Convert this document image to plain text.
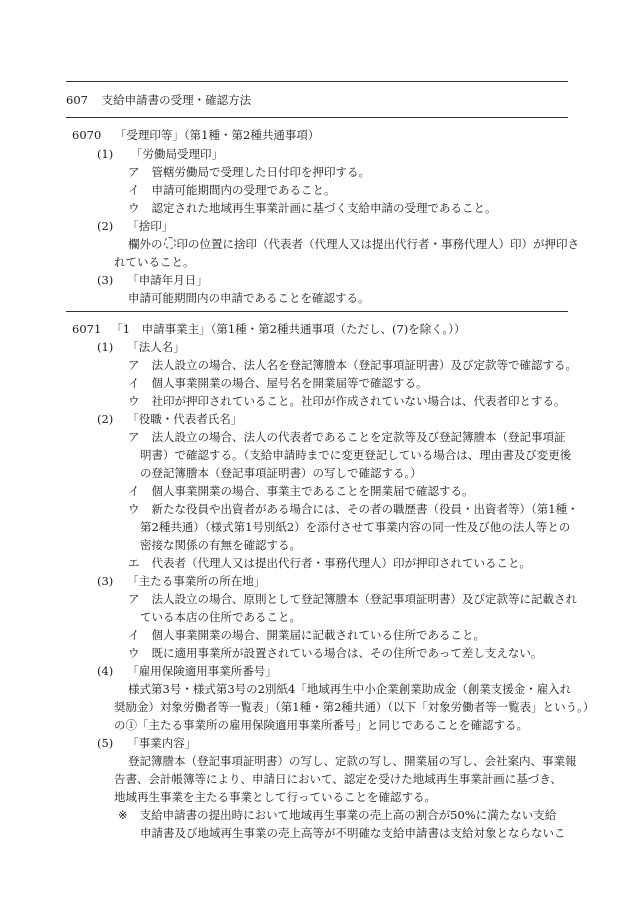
607 支給申請書の受理・確認方法
6070 「受理印等」（第1種・第2種共通事項）
(1) 「労働局受理印」
ア 管轄労働局で受理した日付印を押印する。
イ 申請可能期間内の受理であること。
ウ 認定された地域再生事業計画に基づく支給申請の受理であること。
(2) 「捨印」
欄外の○印の位置に捨印（代表者（代理人又は提出代行者・事務代理人）印）が押印さ
れていること。
(3) 「申請年月日」
申請可能期間内の申請であることを確認する。
6071 「1　申請事業主」（第1種・第2種共通事項（ただし、(7)を除く。））
(1) 「法人名」
ア 法人設立の場合、法人名を登記簿謄本（登記事項証明書）及び定款等で確認する。
イ 個人事業開業の場合、屋号名を開業届等で確認する。
ウ 社印が押印されていること。社印が作成されていない場合は、代表者印とする。
(2) 「役職・代表者氏名」
ア 法人設立の場合、法人の代表者であることを定款等及び登記簿謄本（登記事項証
明書）で確認する。（支給申請時までに変更登記している場合は、理由書及び変更後
の登記簿謄本（登記事項証明書）の写しで確認する。）
イ 個人事業開業の場合、事業主であることを開業届で確認する。
ウ 新たな役員や出資者がある場合には、その者の職歴書（役員・出資者等）（第1種・
第2種共通）（様式第1号別紙2）を添付させて事業内容の同一性及び他の法人等との
密接な関係の有無を確認する。
エ 代表者（代理人又は提出代行者・事務代理人）印が押印されていること。
(3) 「主たる事業所の所在地」
ア 法人設立の場合、原則として登記簿謄本（登記事項証明書）及び定款等に記載され
ている本店の住所であること。
イ 個人事業開業の場合、開業届に記載されている住所であること。
ウ 既に適用事業所が設置されている場合は、その住所であって差し支えない。
(4) 「雇用保険適用事業所番号」
様式第3号・様式第3号の2別紙4「地域再生中小企業創業助成金（創業支援金・雇入れ
奨励金）対象労働者等一覧表」（第1種・第2種共通）（以下「対象労働者等一覧表」という。）
の①「主たる事業所の雇用保険適用事業所番号」と同じであることを確認する。
(5) 「事業内容」
登記簿謄本（登記事項証明書）の写し、定款の写し、開業届の写し、会社案内、事業報
告書、会計帳簿等により、申請日において、認定を受けた地域再生事業計画に基づき、
地域再生事業を主たる事業として行っていることを確認する。
※ 支給申請書の提出時において地域再生事業の売上高の割合が50%に満たない支給
申請書及び地域再生事業の売上高等が不明確な支給申請書は支給対象とならないこ
